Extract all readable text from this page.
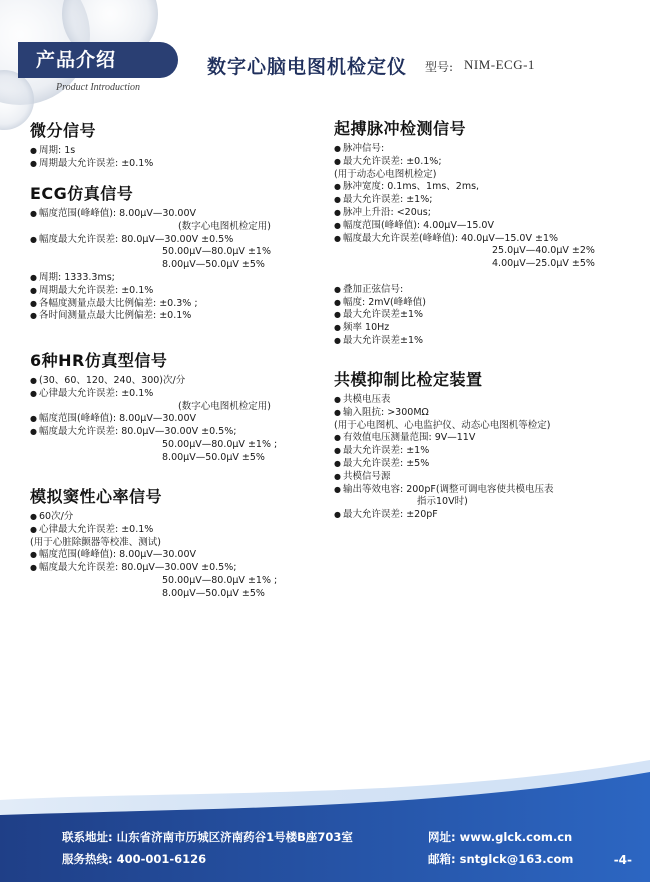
产品介绍
Product Introduction
数字心脑电图机检定仪 型号: NIM-ECG-1
微分信号
● 周期: 1s
● 周期最大允许误差: ±0.1%
ECG仿真信号
● 幅度范围(峰峰值): 8.00μV—30.00V
(数字心电图机检定用)
● 幅度最大允许误差: 80.0μV—30.00V ±0.5%
50.00μV—80.0μV ±1%
8.00μV—50.0μV ±5%
● 周期: 1333.3ms;
● 周期最大允许误差: ±0.1%
● 各幅度测量点最大比例偏差: ±0.3% ;
● 各时间测量点最大比例偏差: ±0.1%
6种HR仿真型信号
● (30、60、120、240、300)次/分
● 心律最大允许误差: ±0.1%
(数字心电图机检定用)
● 幅度范围(峰峰值): 8.00μV—30.00V
● 幅度最大允许误差: 80.0μV—30.00V ±0.5%;
50.00μV—80.0μV ±1% ;
8.00μV—50.0μV ±5%
模拟窦性心率信号
● 60次/分
● 心律最大允许误差: ±0.1%
(用于心脏除颤器等校准、测试)
● 幅度范围(峰峰值): 8.00μV—30.00V
● 幅度最大允许误差: 80.0μV—30.00V ±0.5%;
50.00μV—80.0μV ±1% ;
8.00μV—50.0μV ±5%
起搏脉冲检测信号
● 脉冲信号:
● 最大允许误差: ±0.1%;
(用于动态心电图机检定)
● 脉冲宽度: 0.1ms、1ms、2ms,
● 最大允许误差: ±1%;
● 脉冲上升沿: <20us;
● 幅度范围(峰峰值): 4.00μV—15.0V
● 幅度最大允许误差(峰峰值): 40.0μV—15.0V ±1%
25.0μV—40.0μV ±2%
4.00μV—25.0μV ±5%

● 叠加正弦信号:
● 幅度: 2mV(峰峰值)
● 最大允许误差±1%
● 频率 10Hz
● 最大允许误差±1%
共模抑制比检定装置
● 共模电压表
● 输入阻抗: >300MΩ
(用于心电图机、心电监护仪、动态心电图机等检定)
● 有效值电压测量范围: 9V—11V
● 最大允许误差: ±1%
● 最大允许误差: ±5%
● 共模信号源
● 输出等效电容: 200pF(调整可调电容使共模电压表
指示10V时)
● 最大允许误差: ±20pF
联系地址: 山东省济南市历城区济南药谷1号楼B座703室
服务热线: 400-001-6126
网址: www.glck.com.cn
邮箱: sntglck@163.com	-4-
